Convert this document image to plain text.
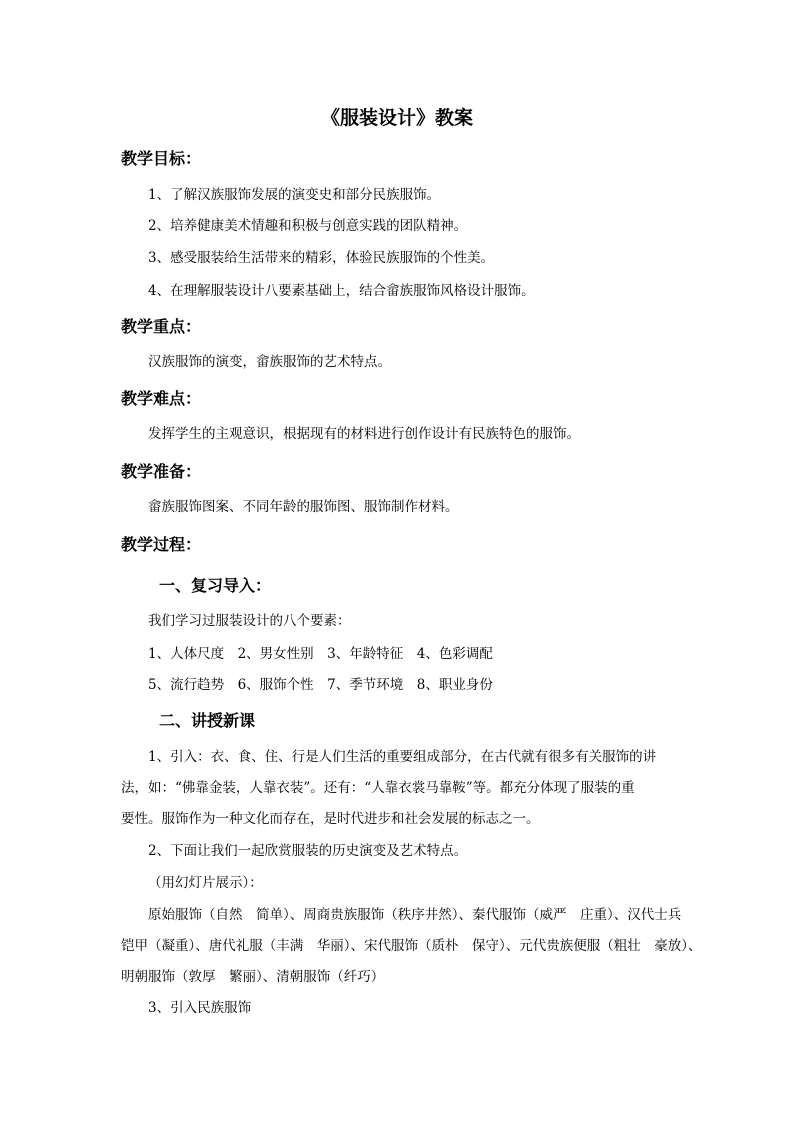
《服装设计》教案
教学目标：
1、了解汉族服饰发展的演变史和部分民族服饰。
2、培养健康美术情趣和积极与创意实践的团队精神。
3、感受服装给生活带来的精彩，体验民族服饰的个性美。
4、在理解服装设计八要素基础上，结合畲族服饰风格设计服饰。
教学重点：
汉族服饰的演变，畲族服饰的艺术特点。
教学难点：
发挥学生的主观意识，根据现有的材料进行创作设计有民族特色的服饰。
教学准备：
畲族服饰图案、不同年龄的服饰图、服饰制作材料。
教学过程：
一、复习导入：
我们学习过服装设计的八个要素：
1、人体尺度　2、男女性别　3、年龄特征　4、色彩调配
5、流行趋势　6、服饰个性　7、季节环境　8、职业身份
二、讲授新课
1、引入：衣、食、住、行是人们生活的重要组成部分，在古代就有很多有关服饰的讲
法，如：“佛靠金装，人靠衣装”。还有：“人靠衣裳马靠鞍”等。都充分体现了服装的重
要性。服饰作为一种文化而存在，是时代进步和社会发展的标志之一。
2、下面让我们一起欣赏服装的历史演变及艺术特点。
（用幻灯片展示）：
原始服饰（自然　简单）、周商贵族服饰（秩序井然）、秦代服饰（威严　庄重）、汉代士兵
铠甲（凝重）、唐代礼服（丰满　华丽）、宋代服饰（质朴　保守）、元代贵族便服（粗壮　豪放）、
明朝服饰（敦厚　繁丽）、清朝服饰（纤巧）
3、引入民族服饰
